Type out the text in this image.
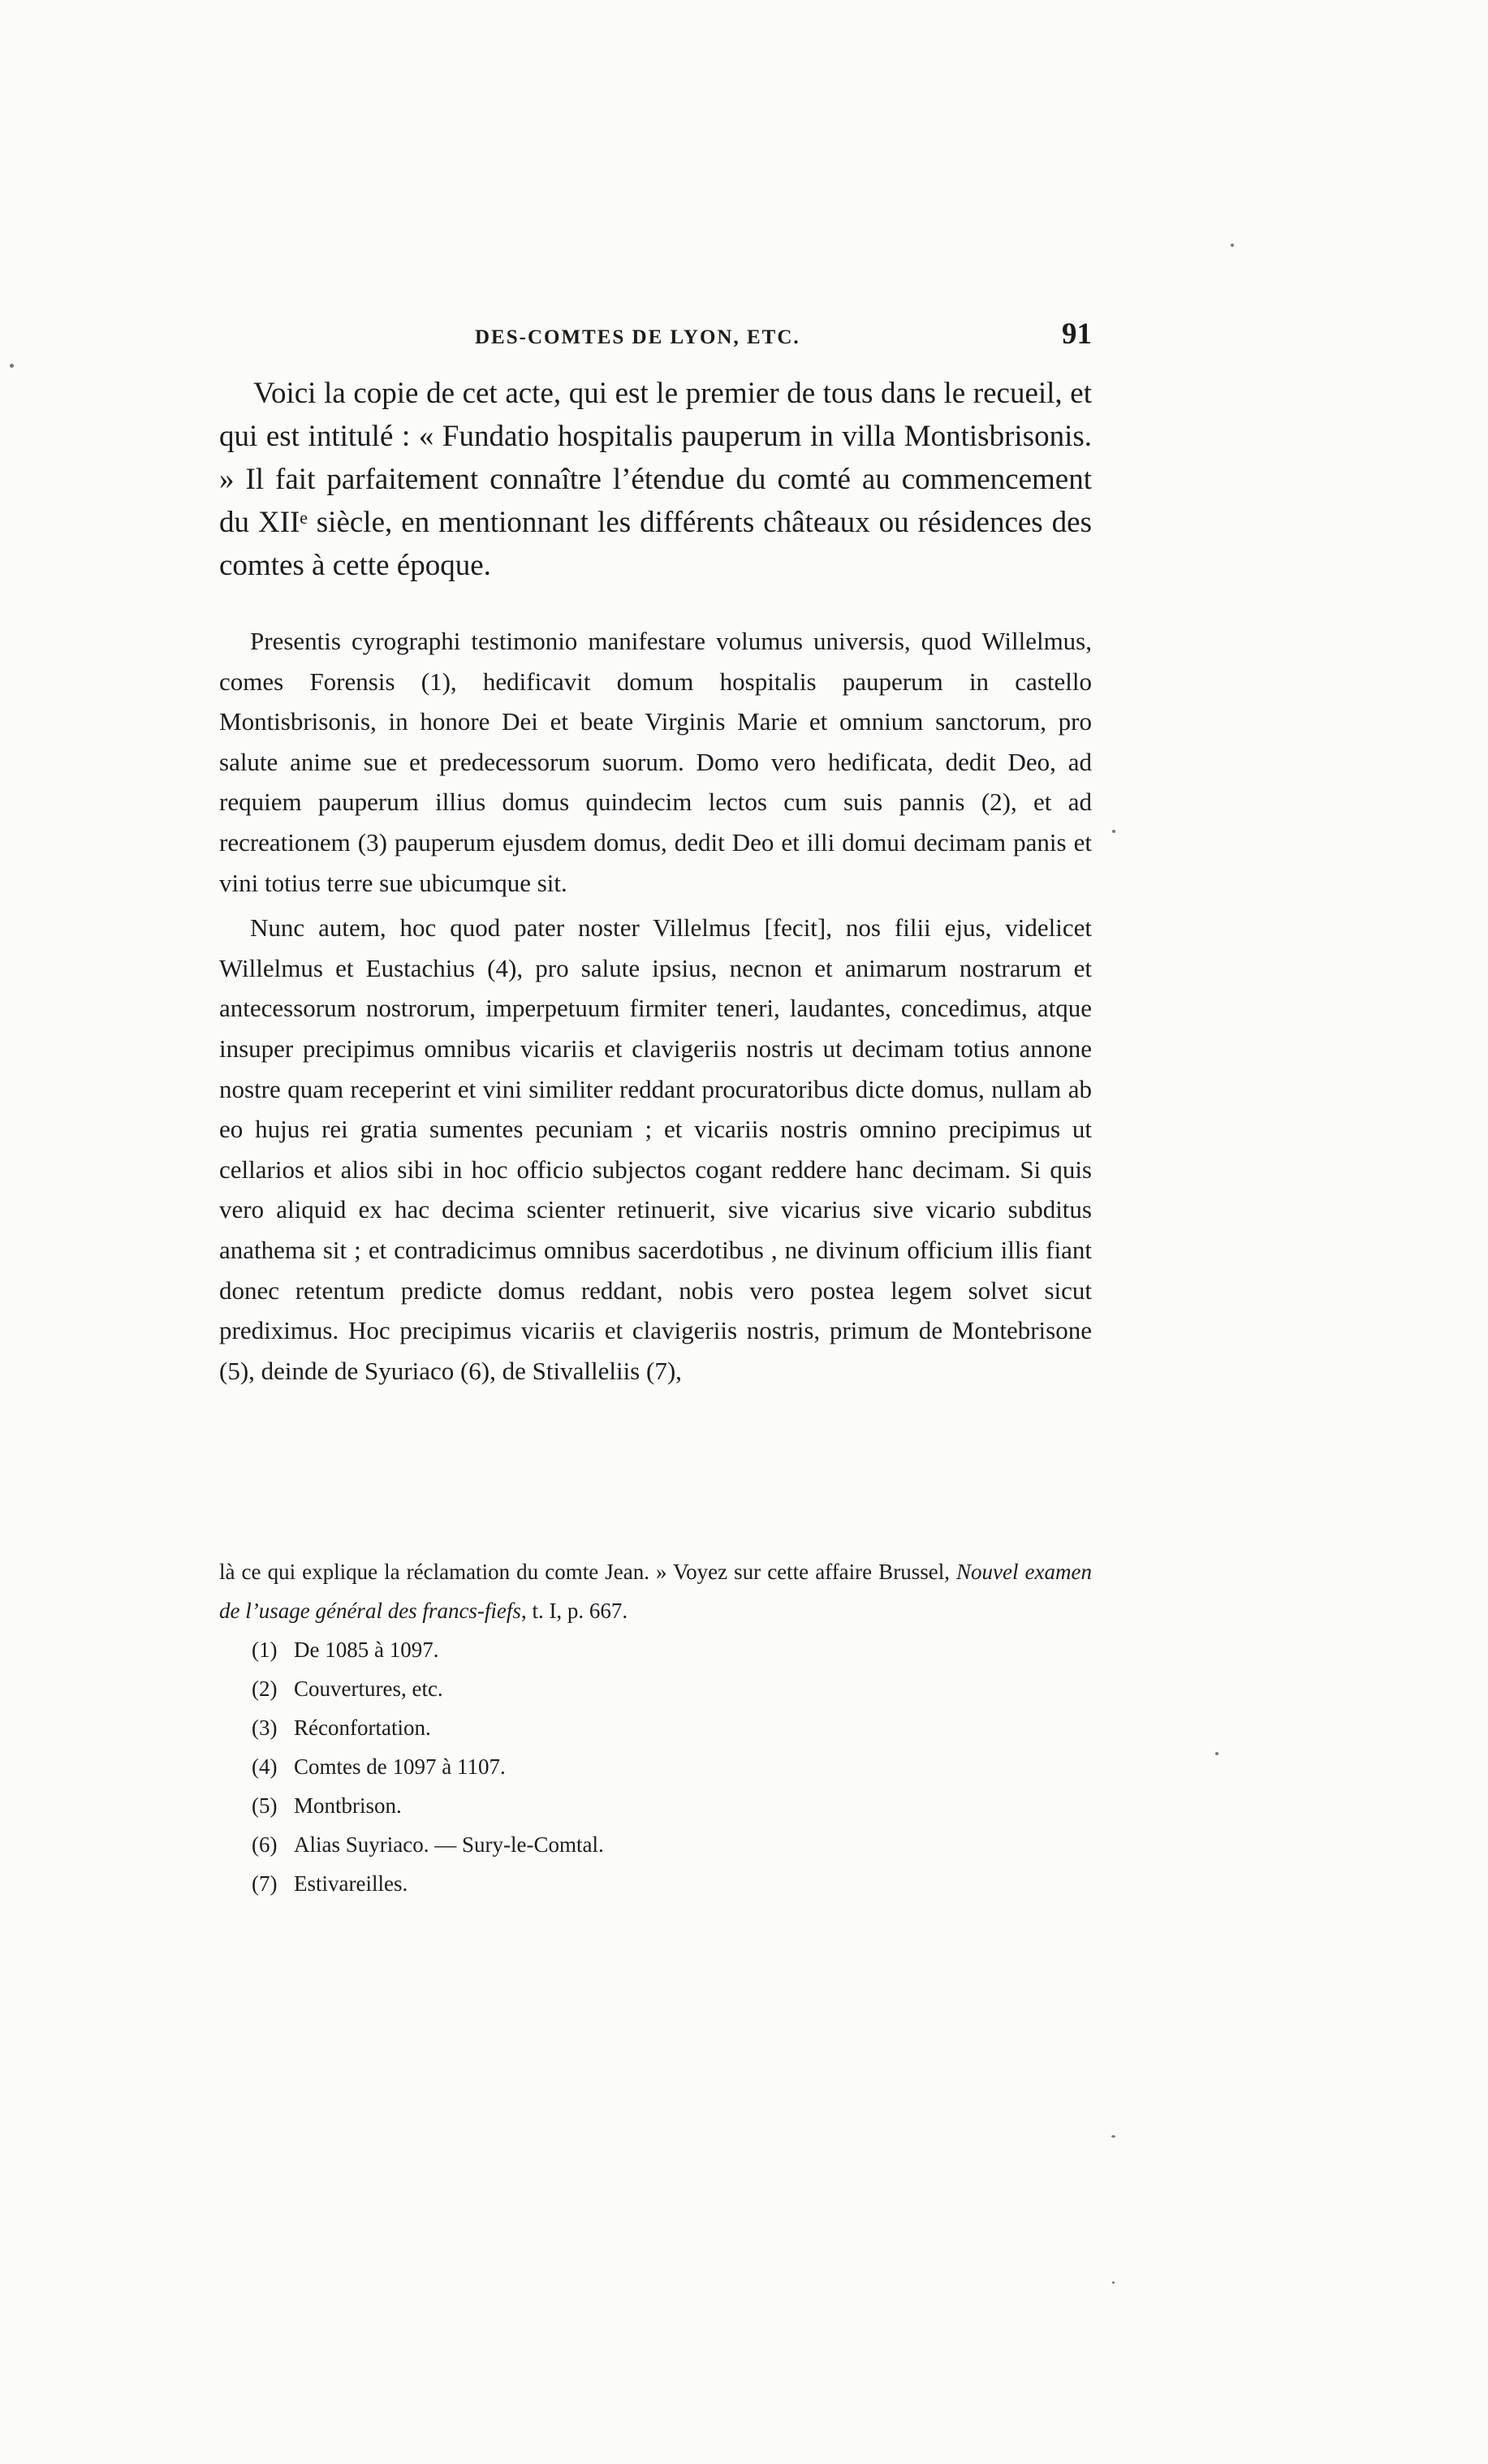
DES-COMTES DE LYON, ETC.	91

Voici la copie de cet acte, qui est le premier de tous dans le recueil, et qui est intitulé : « Fundatio hospitalis pauperum in villa Montisbrisonis. » Il fait parfaitement connaître l’étendue du comté au commencement du XIIᵉ siècle, en mentionnant les différents châteaux ou résidences des comtes à cette époque.

Presentis cyrographi testimonio manifestare volumus universis, quod Willelmus, comes Forensis (1), hedificavit domum hospitalis pauperum in castello Montisbrisonis, in honore Dei et beate Virginis Marie et omnium sanctorum, pro salute anime sue et predecessorum suorum. Domo vero hedificata, dedit Deo, ad requiem pauperum illius domus quindecim lectos cum suis pannis (2), et ad recreationem (3) pauperum ejusdem domus, dedit Deo et illi domui decimam panis et vini totius terre sue ubicumque sit.

Nunc autem, hoc quod pater noster Villelmus [fecit], nos filii ejus, videlicet Willelmus et Eustachius (4), pro salute ipsius, necnon et animarum nostrarum et antecessorum nostrorum, imperpetuum firmiter teneri, laudantes, concedimus, atque insuper precipimus omnibus vicariis et clavigeriis nostris ut decimam totius annone nostre quam receperint et vini similiter reddant procuratoribus dicte domus, nullam ab eo hujus rei gratia sumentes pecuniam ; et vicariis nostris omnino precipimus ut cellarios et alios sibi in hoc officio subjectos cogant reddere hanc decimam. Si quis vero aliquid ex hac decima scienter retinuerit, sive vicarius sive vicario subditus anathema sit ; et contradicimus omnibus sacerdotibus , ne divinum officium illis fiant donec retentum predicte domus reddant, nobis vero postea legem solvet sicut prediximus. Hoc precipimus vicariis et clavigeriis nostris, primum de Montebrisone (5), deinde de Syuriaco (6), de Stivalleliis (7),

là ce qui explique la réclamation du comte Jean. » Voyez sur cette affaire Brussel, Nouvel examen de l’usage général des francs-fiefs, t. I, p. 667.

(1) De 1085 à 1097.
(2) Couvertures, etc.
(3) Réconfortation.
(4) Comtes de 1097 à 1107.
(5) Montbrison.
(6) Alias Suyriaco. — Sury-le-Comtal.
(7) Estivareilles.
